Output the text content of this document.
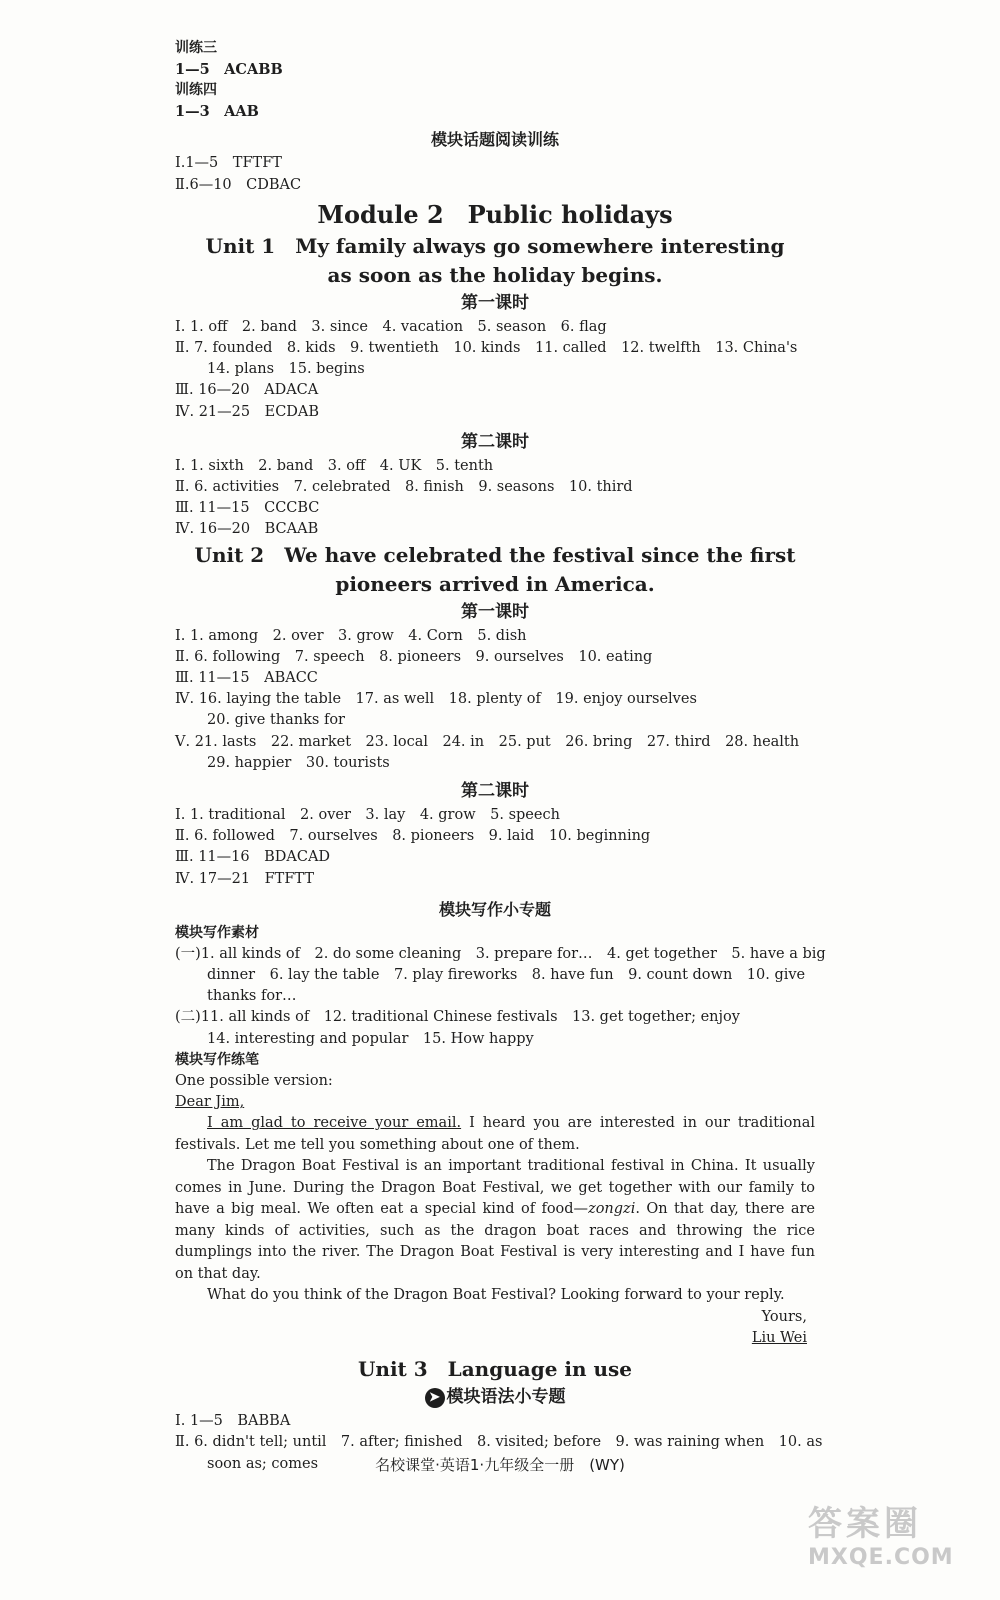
训练三
1—5　ACABB
训练四
1—3　AAB
模块话题阅读训练
Ⅰ.1—5　TFTFT
Ⅱ.6—10　CDBAC
Module 2　Public holidays
Unit 1　My family always go somewhere interesting
as soon as the holiday begins.
第一课时
Ⅰ. 1. off　2. band　3. since　4. vacation　5. season　6. flag
Ⅱ. 7. founded　8. kids　9. twentieth　10. kinds　11. called　12. twelfth　13. China's
14. plans　15. begins
Ⅲ. 16—20　ADACA
Ⅳ. 21—25　ECDAB
第二课时
Ⅰ. 1. sixth　2. band　3. off　4. UK　5. tenth
Ⅱ. 6. activities　7. celebrated　8. finish　9. seasons　10. third
Ⅲ. 11—15　CCCBC
Ⅳ. 16—20　BCAAB
Unit 2　We have celebrated the festival since the first
pioneers arrived in America.
第一课时
Ⅰ. 1. among　2. over　3. grow　4. Corn　5. dish
Ⅱ. 6. following　7. speech　8. pioneers　9. ourselves　10. eating
Ⅲ. 11—15　ABACC
Ⅳ. 16. laying the table　17. as well　18. plenty of　19. enjoy ourselves
20. give thanks for
Ⅴ. 21. lasts　22. market　23. local　24. in　25. put　26. bring　27. third　28. health
29. happier　30. tourists
第二课时
Ⅰ. 1. traditional　2. over　3. lay　4. grow　5. speech
Ⅱ. 6. followed　7. ourselves　8. pioneers　9. laid　10. beginning
Ⅲ. 11—16　BDACAD
Ⅳ. 17—21　FTFTT
模块写作小专题
模块写作素材
(一)1. all kinds of　2. do some cleaning　3. prepare for…　4. get together　5. have a big
dinner　6. lay the table　7. play fireworks　8. have fun　9. count down　10. give
thanks for…
(二)11. all kinds of　12. traditional Chinese festivals　13. get together; enjoy
14. interesting and popular　15. How happy
模块写作练笔
One possible version:
Dear Jim,

I am glad to receive your email. I heard you are interested in our traditional festivals. Let me tell you something about one of them.

The Dragon Boat Festival is an important traditional festival in China. It usually comes in June. During the Dragon Boat Festival, we get together with our family to have a big meal. We often eat a special kind of food—zongzi. On that day, there are many kinds of activities, such as the dragon boat races and throwing the rice dumplings into the river. The Dragon Boat Festival is very interesting and I have fun on that day.

What do you think of the Dragon Boat Festival? Looking forward to your reply.

Yours,
Liu Wei
Unit 3　Language in use
➤ 模块语法小专题
Ⅰ. 1—5　BABBA
Ⅱ. 6. didn't tell; until　7. after; finished　8. visited; before　9. was raining when　10. as
soon as; comes	名校课堂·英语1·九年级全一册　(WY)
答案圈
MXQE.COM
